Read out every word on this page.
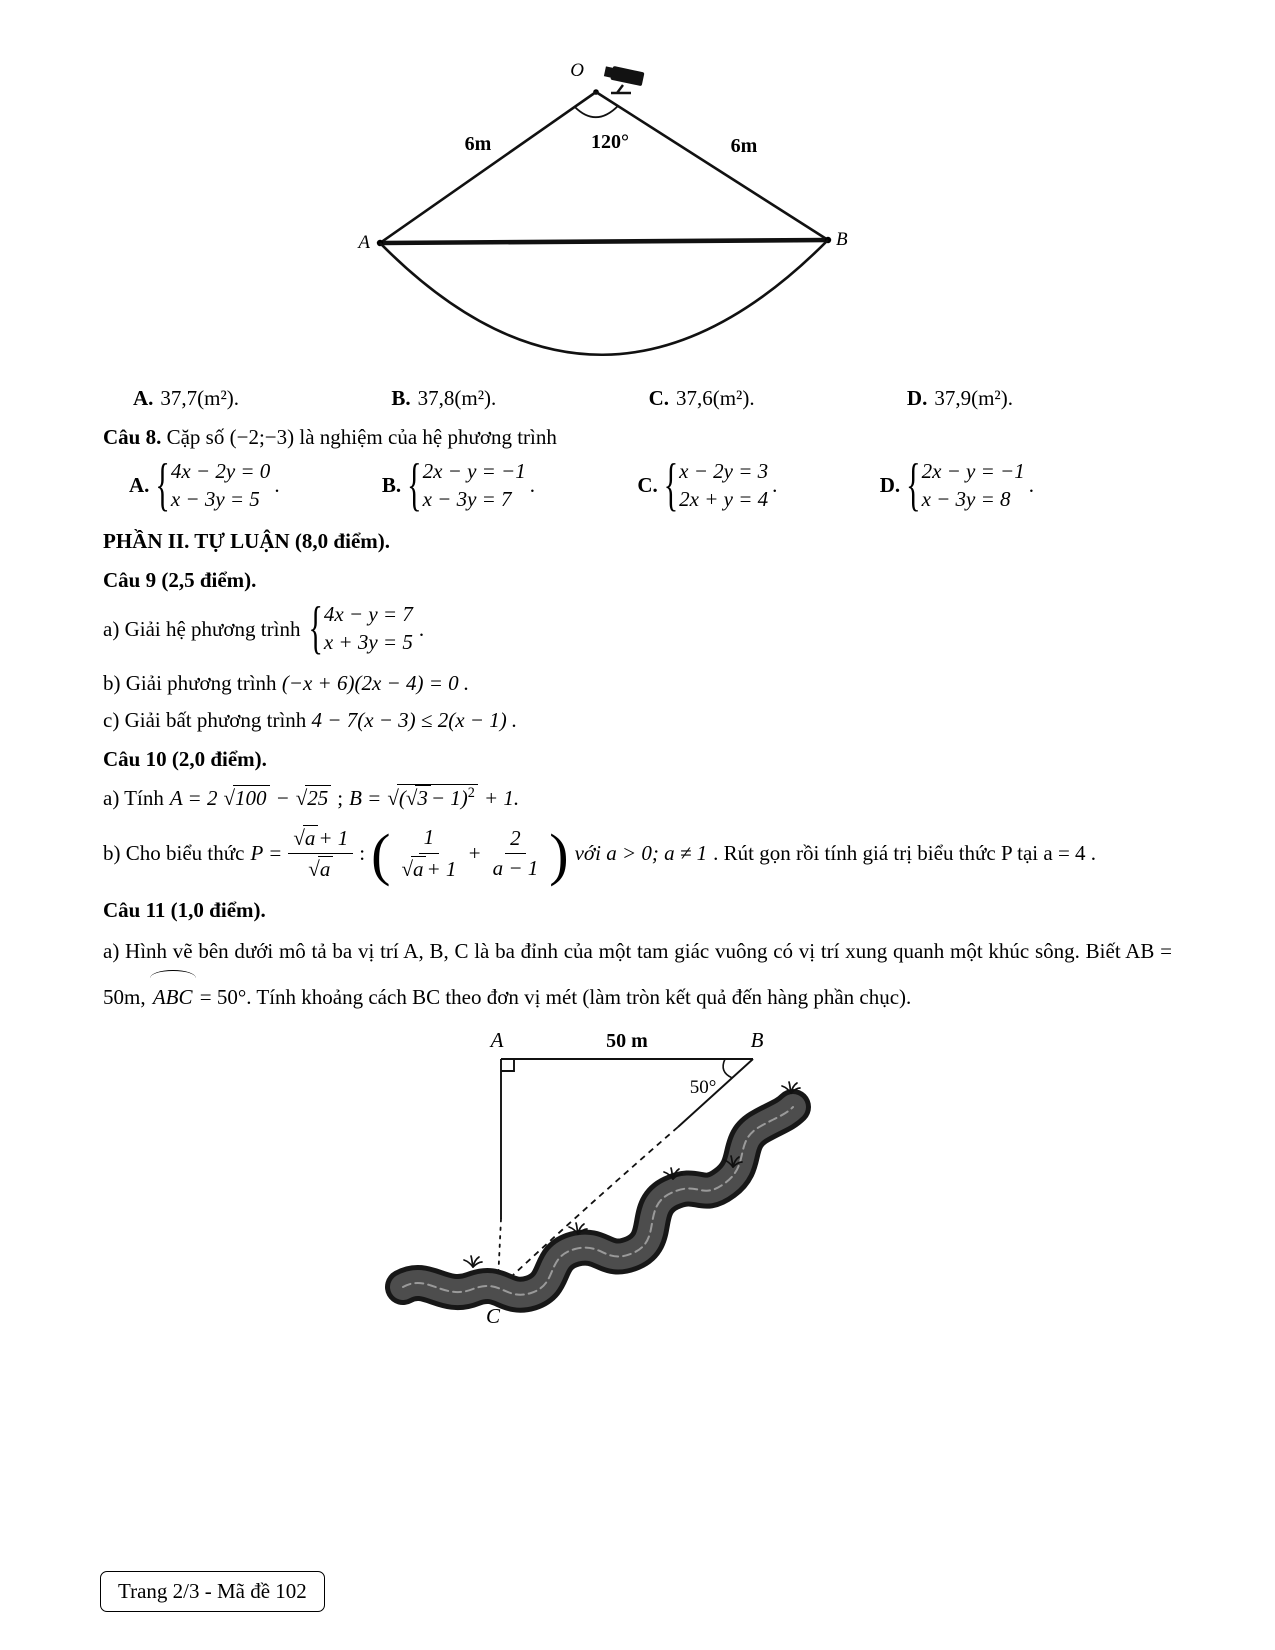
O
120°
6m	6m
A	B
A. 37,7(m²).	B. 37,8(m²).	C. 37,6(m²).	D. 37,9(m²).
Câu 8. Cặp số (−2;−3) là nghiệm của hệ phương trình
A.
{
4x − 2y = 0
x − 3y = 5
.	B.
{
2x − y = −1
x − 3y = 7
.	C.
{
x − 2y = 3
2x + y = 4
.	D.
{
2x − y = −1
x − 3y = 8
.
PHẦN II. TỰ LUẬN (8,0 điểm).
Câu 9 (2,5 điểm).
a) Giải hệ phương trình
{
4x − y = 7
x + 3y = 5
.
b) Giải phương trình (−x + 6)(2x − 4) = 0 .
c) Giải bất phương trình 4 − 7(x − 3) ≤ 2(x − 1) .
Câu 10 (2,0 điểm).
a) Tính A = 2 √ 100 − √ 25 ; B = √ ( √ 3 − 1)$^2$ + 1.
b) Cho biểu thức P = √ a + 1
√ a : 1
√ $a + 1 + \frac{2}{a - 1}$ với a > 0; a ≠ 1 . Rút gọn rồi tính giá trị biểu thức P tại a = 4 .
Câu 11 (1,0 điểm).

a) Hình vẽ bên dưới mô tả ba vị trí A, B, C là ba đỉnh của một tam giác vuông có vị trí xung quanh một khúc sông. Biết AB = 50m, ABC = 50°. Tính khoảng cách BC theo đơn vị mét (làm tròn kết quả đến hàng phần chục).

A	B
50 m
50°
C
Trang 2/3 - Mã đề 102
